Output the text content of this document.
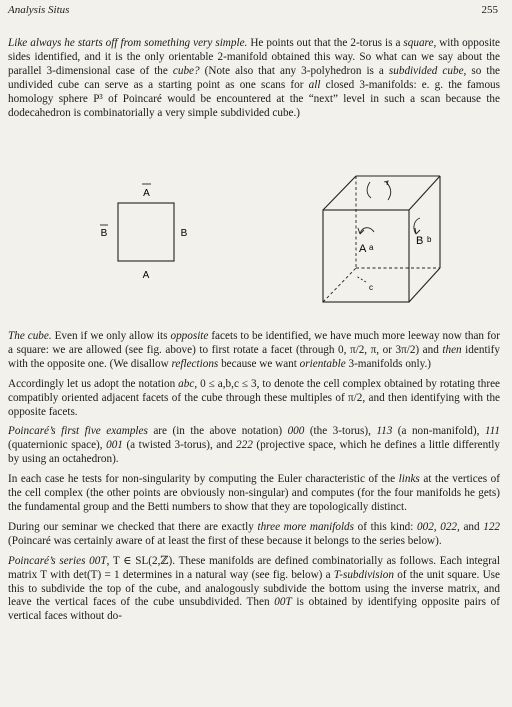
Analysis Situs	255

Like always he starts off from something very simple. He points out that the 2-torus is a square, with opposite sides identified, and it is the only orientable 2-manifold obtained this way. So what can we say about the parallel 3-dimensional case of the cube? (Note also that any 3-polyhedron is a subdivided cube, so the undivided cube can serve as a starting point as one scans for all closed 3-manifolds: e. g. the famous homology sphere P³ of Poincaré would be encountered at the “next” level in such a scan because the dodecahedron is combinatorially a very simple subdivided cube.)

A
B	B
A
A a
B b
c

The cube. Even if we only allow its opposite facets to be identified, we have much more leeway now than for a square: we are allowed (see fig. above) to first rotate a facet (through 0, π/2, π, or 3π/2) and then identify with the opposite one. (We disallow reflections because we want orientable 3-manifolds only.)

Accordingly let us adopt the notation abc, 0 ≤ a,b,c ≤ 3, to denote the cell complex obtained by rotating three compatibly oriented adjacent facets of the cube through these multiples of π/2, and then identifying with the opposite facets.

Poincaré’s first five examples are (in the above notation) 000 (the 3-torus), 113 (a non-manifold), 111 (quaternionic space), 001 (a twisted 3-torus), and 222 (projective space, which he defines a little differently by using an octahedron).

In each case he tests for non-singularity by computing the Euler characteristic of the links at the vertices of the cell complex (the other points are obviously non-singular) and computes (for the four manifolds he gets) the fundamental group and the Betti numbers to show that they are topologically distinct.

During our seminar we checked that there are exactly three more manifolds of this kind: 002, 022, and 122 (Poincaré was certainly aware of at least the first of these because it belongs to the series below).

Poincaré’s series 00T, T ∈ SL(2,ℤ). These manifolds are defined combinatorially as follows. Each integral matrix T with det(T) = 1 determines in a natural way (see fig. below) a T-subdivision of the unit square. Use this to subdivide the top of the cube, and analogously subdivide the bottom using the inverse matrix, and leave the vertical faces of the cube unsubdivided. Then 00T is obtained by identifying opposite pairs of vertical faces without do-
